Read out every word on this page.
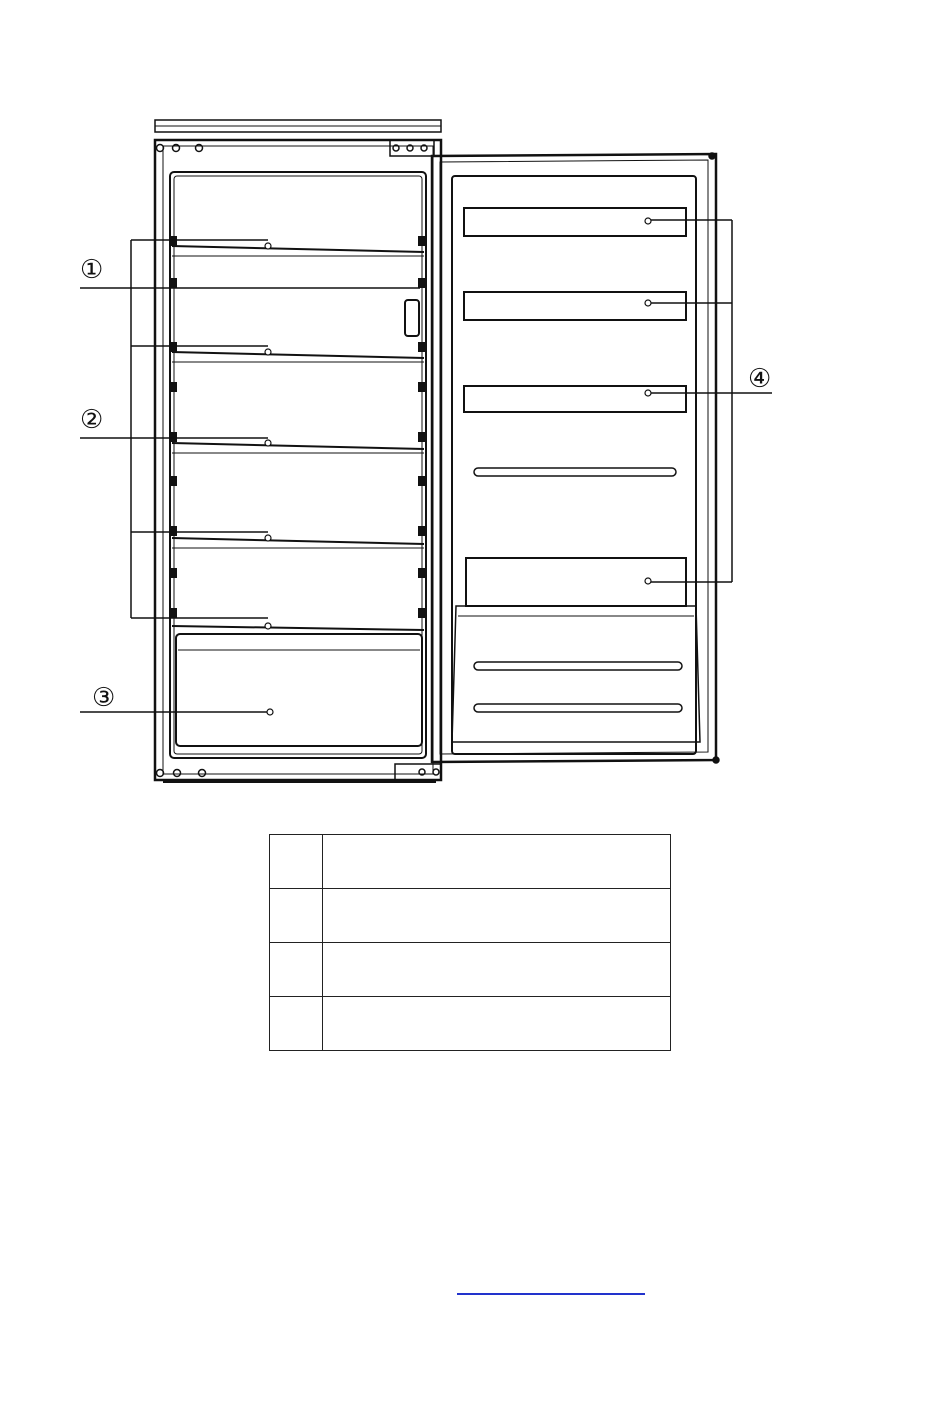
①
②
③
④
